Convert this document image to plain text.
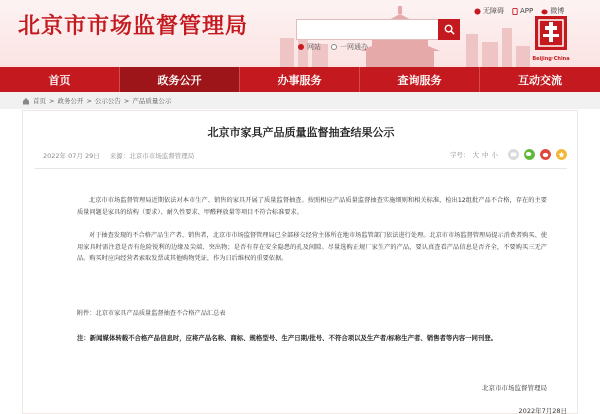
北京市市场监督管理局
网站	一网通办
无障碍 APP 微博
Beijing·China
首页	政务公开	办事服务	查询服务	互动交流
首页 > 政务公开 > 公示公告 > 产品质量公示
北京市家具产品质量监督抽查结果公示
2022年 07月 29日 来源：北京市市场监督管理局	字号： 大 中 小

北京市市场监督管理局近期依法对本市生产、销售的家具开展了质量监督抽查。按照相应产品质量监督抽查实施细则和相关标准，检出12组批产品不合格，存在的主要质量问题是家具的结构（要求）、耐久性要求、甲醛释放量等项目不符合标准要求。

对于抽查发现的不合格产品生产者、销售者，北京市市场监督管理局已全部移交经营主体所在地市场监管部门依法进行处理。北京市市场监督管理局提示消费者购买、使用家具时需注意是否有危险锐利的边缘及尖端、突出物；是否有存在安全隐患的孔及间隙。尽量选购正规厂家生产的产品，要认真查看产品信息是否齐全，不要购买三无产品。购买时应向经营者索取发票或其他购物凭证，作为日后维权的重要依据。

附件：北京市家具产品质量监督抽查不合格产品汇总表

注：新闻媒体转载不合格产品信息时，应将产品名称、商标、规格型号、生产日期/批号、不符合项以及生产者/标称生产者、销售者等内容一同刊登。

北京市市场监督管理局
2022年7月28日
